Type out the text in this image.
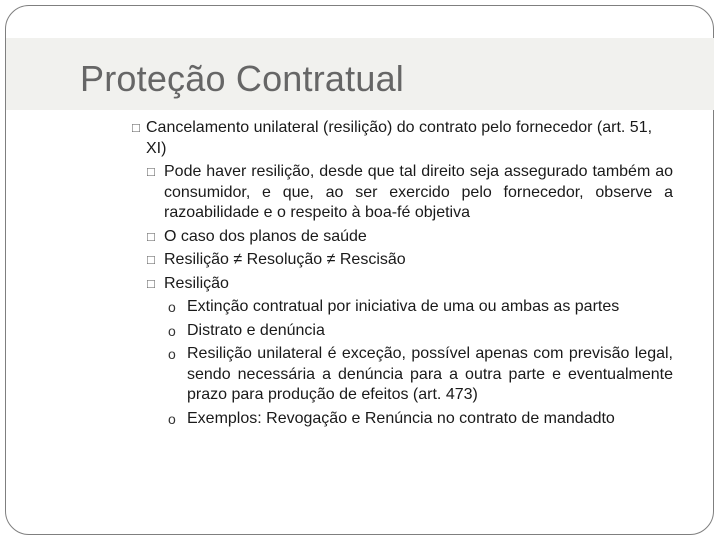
Proteção Contratual
□ Cancelamento unilateral (resilição) do contrato pelo fornecedor (art. 51, XI)
□ Pode haver resilição, desde que tal direito seja assegurado também ao consumidor, e que, ao ser exercido pelo fornecedor, observe a razoabilidade e o respeito à boa-fé objetiva
□ O caso dos planos de saúde
□ Resilição ≠ Resolução ≠ Rescisão
□ Resilição
o Extinção contratual por iniciativa de uma ou ambas as partes
o Distrato e denúncia
o Resilição unilateral é exceção, possível apenas com previsão legal, sendo necessária a denúncia para a outra parte e eventualmente prazo para produção de efeitos (art. 473)
o Exemplos: Revogação e Renúncia no contrato de mandadto
